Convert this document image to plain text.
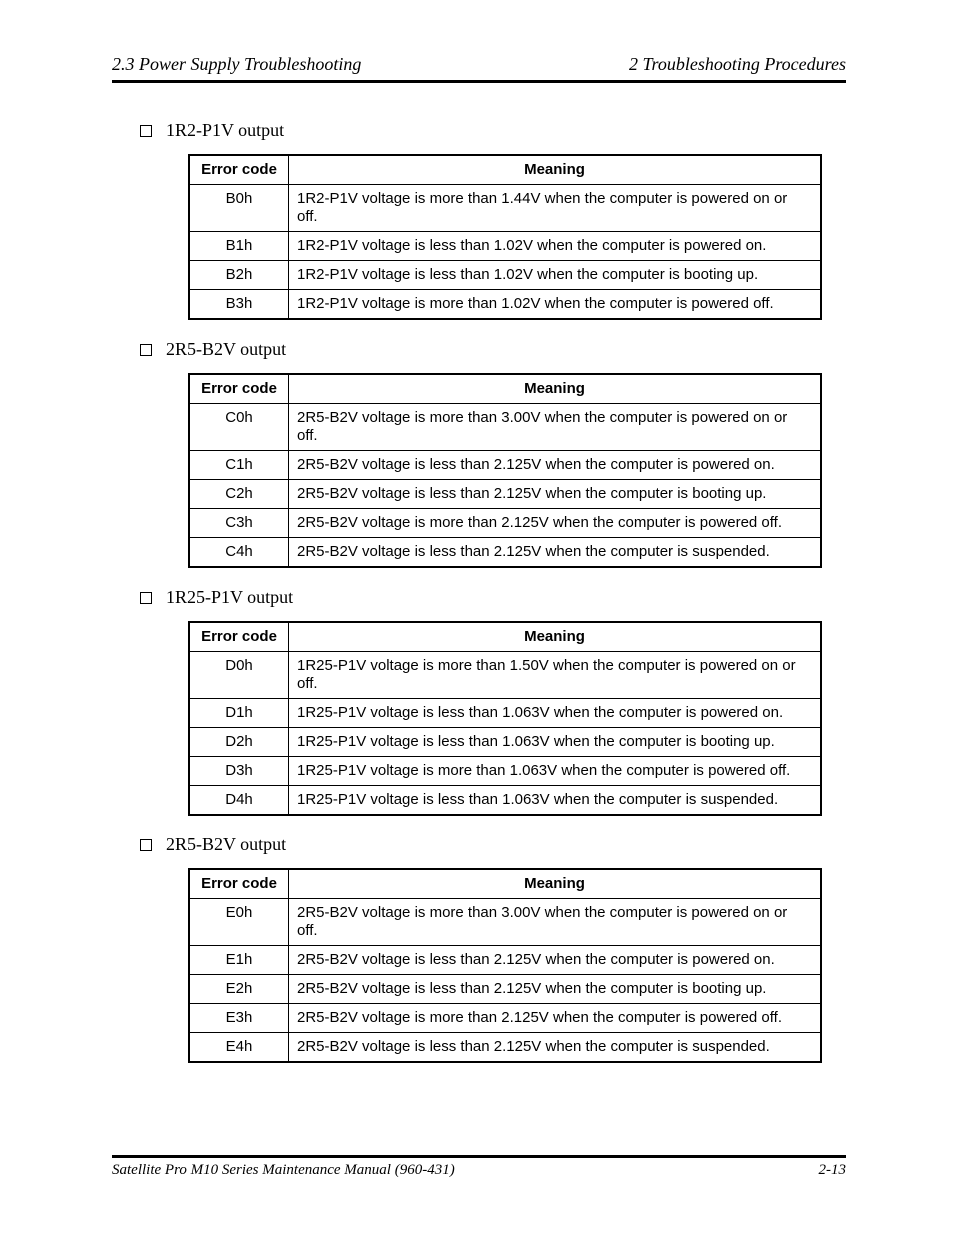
2.3 Power Supply Troubleshooting	2 Troubleshooting Procedures
1R2-P1V output
Error code	Meaning
B0h	1R2-P1V voltage is more than 1.44V when the computer is powered on or off.
B1h	1R2-P1V voltage is less than 1.02V when the computer is powered on.
B2h	1R2-P1V voltage is less than 1.02V when the computer is booting up.
B3h	1R2-P1V voltage is more than 1.02V when the computer is powered off.
2R5-B2V output
Error code	Meaning
C0h	2R5-B2V voltage is more than 3.00V when the computer is powered on or off.
C1h	2R5-B2V voltage is less than 2.125V when the computer is powered on.
C2h	2R5-B2V voltage is less than 2.125V when the computer is booting up.
C3h	2R5-B2V voltage is more than 2.125V when the computer is powered off.
C4h	2R5-B2V voltage is less than 2.125V when the computer is suspended.
1R25-P1V output
Error code	Meaning
D0h	1R25-P1V voltage is more than 1.50V when the computer is powered on or off.
D1h	1R25-P1V voltage is less than 1.063V when the computer is powered on.
D2h	1R25-P1V voltage is less than 1.063V when the computer is booting up.
D3h	1R25-P1V voltage is more than 1.063V when the computer is powered off.
D4h	1R25-P1V voltage is less than 1.063V when the computer is suspended.
2R5-B2V output
Error code	Meaning
E0h	2R5-B2V voltage is more than 3.00V when the computer is powered on or off.
E1h	2R5-B2V voltage is less than 2.125V when the computer is powered on.
E2h	2R5-B2V voltage is less than 2.125V when the computer is booting up.
E3h	2R5-B2V voltage is more than 2.125V when the computer is powered off.
E4h	2R5-B2V voltage is less than 2.125V when the computer is suspended.
Satellite Pro M10 Series Maintenance Manual (960-431)	2-13
